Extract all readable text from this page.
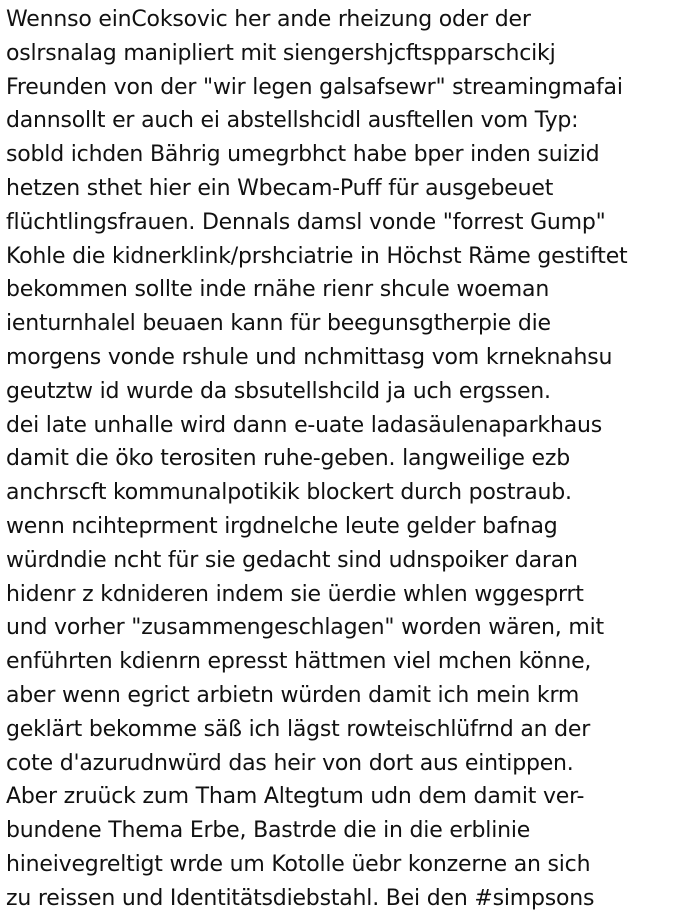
Wennso einCoksovic her ande rheizung oder der
oslrsnalag manipliert mit siengershjcftspparschcikj
Freunden von der "wir legen galsafsewr" streamingmafai
dannsollt er auch ei abstellshcidl ausftellen vom Typ:
sobld ichden Bährig umegrbhct habe bper inden suizid
hetzen sthet hier ein Wbecam-Puff für ausgebeuet
flüchtlingsfrauen. Dennals damsl vonde "forrest Gump"
Kohle die kidnerklink/prshciatrie in Höchst Räme gestiftet
bekommen sollte inde rnähe rienr shcule woeman
ienturnhalel beuaen kann für beegunsgtherpie die
morgens vonde rshule und nchmittasg vom krneknahsu
geutztw id wurde da sbsutellshcild ja uch ergssen.
dei late unhalle wird dann e-uate ladasäulenaparkhaus
damit die öko terositen ruhe-geben. langweilige ezb
anchrscft kommunalpotikik blockert durch postraub.
wenn ncihteprment irgdnelche leute gelder bafnag
würdndie ncht für sie gedacht sind udnspoiker daran
hidenr z kdnideren indem sie üerdie whlen wggesprrt
und vorher "zusammengeschlagen" worden wären, mit
enführten kdienrn epresst hättmen viel mchen könne,
aber wenn egrict arbietn würden damit ich mein krm
geklärt bekomme säß ich lägst rowteischlüfrnd an der
cote d'azurudnwürd das heir von dort aus eintippen.
Aber zruück zum Tham Altegtum udn dem damit ver-
bundene Thema Erbe, Bastrde die in die erblinie
hineivegreltigt wrde um Kotolle üebr konzerne an sich
zu reissen und Identitätsdiebstahl. Bei den #simpsons
